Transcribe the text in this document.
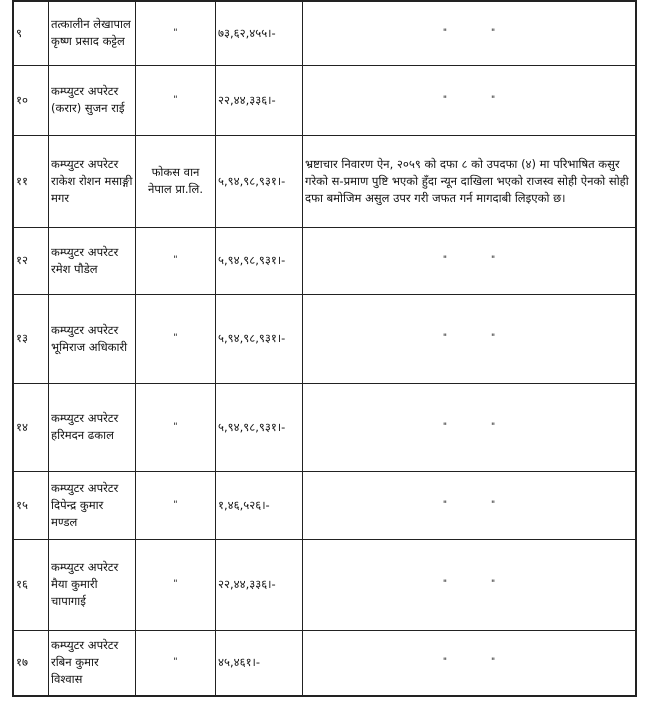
९	तत्कालीन लेखापाल कृष्ण प्रसाद कट्टेल	"	७३,६२,४५५।-	" "

१०	कम्प्युटर अपरेटर (करार) सुजन राई	"	२२,४४,३३६।-	" "

११	कम्प्युटर अपरेटर राकेश रोशन मसाङ्गी मगर	फोकस वान नेपाल प्रा.लि.	५,९४,९८,९३१।-	भ्रष्टाचार निवारण ऐन, २०५९ को दफा ८ को उपदफा (४) मा परिभाषित कसुर गरेको स-प्रमाण पुष्टि भएको हुँदा न्यून दाखिला भएको राजस्व सोही ऐनको सोही दफा बमोजिम असुल उपर गरी जफत गर्न मागदाबी लिइएको छ।
१२	कम्प्युटर अपरेटर रमेश पौडेल	"	५,९४,९८,९३१।-	" "

१३	कम्प्युटर अपरेटर भूमिराज अधिकारी	"	५,९४,९८,९३१।-	" "

१४	कम्प्युटर अपरेटर हरिमदन ढकाल	"	५,९४,९८,९३१।-	" "

१५	कम्प्युटर अपरेटर दिपेन्द्र कुमार मण्डल	"	१,४६,५२६।-	" "

१६	कम्प्युटर अपरेटर मैया कुमारी चापागाई	"	२२,४४,३३६।-	" "

१७	कम्प्युटर अपरेटर रबिन कुमार विश्वास	"	४५,४६१।-	" "
